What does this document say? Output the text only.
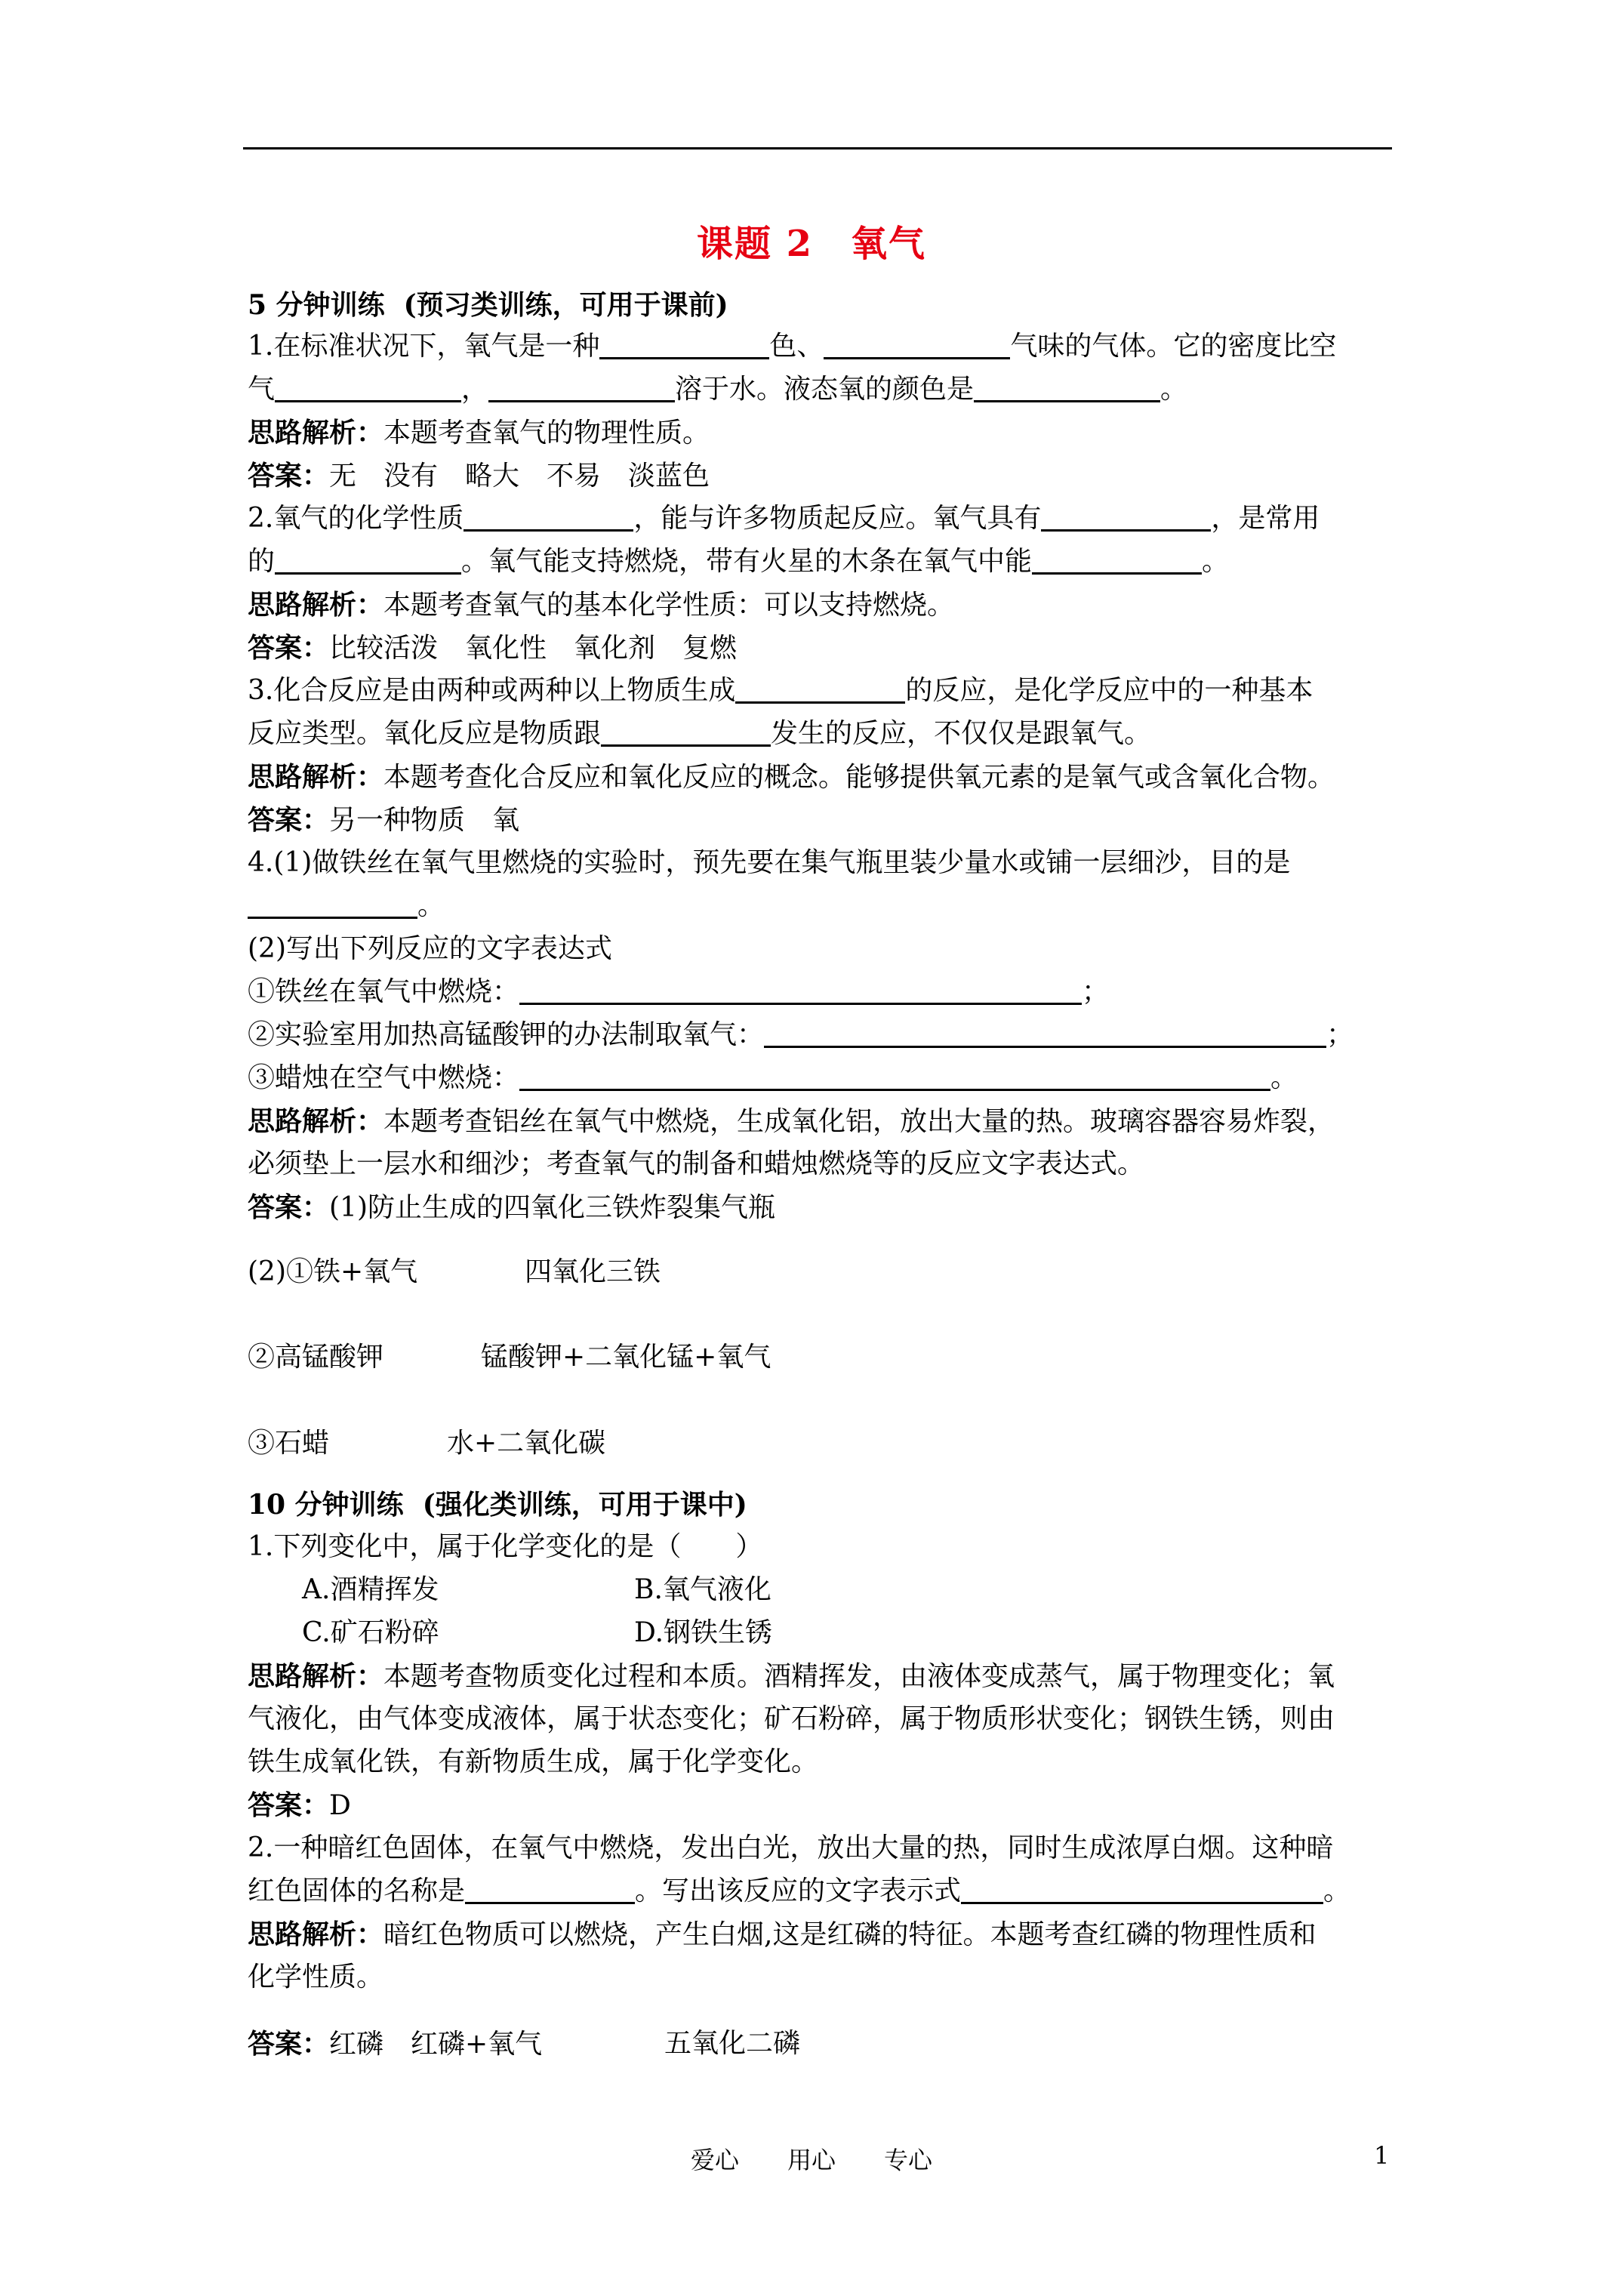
课题 2　氧气
5 分钟训练  (预习类训练，可用于课前)
1.在标准状况下，氧气是一种	色、	气味的气体。它的密度比空
气	，	溶于水。液态氧的颜色是	。
思路解析：本题考查氧气的物理性质。
答案：无　没有　略大　不易　淡蓝色
2.氧气的化学性质	，能与许多物质起反应。氧气具有	，是常用
的	。氧气能支持燃烧，带有火星的木条在氧气中能	。
思路解析：本题考查氧气的基本化学性质：可以支持燃烧。
答案：比较活泼　氧化性　氧化剂　复燃
3.化合反应是由两种或两种以上物质生成	的反应，是化学反应中的一种基本
反应类型。氧化反应是物质跟	发生的反应，不仅仅是跟氧气。
思路解析：本题考查化合反应和氧化反应的概念。能够提供氧元素的是氧气或含氧化合物。
答案：另一种物质　氧
4.(1)做铁丝在氧气里燃烧的实验时，预先要在集气瓶里装少量水或铺一层细沙，目的是
。
(2)写出下列反应的文字表达式
①铁丝在氧气中燃烧：	；
②实验室用加热高锰酸钾的办法制取氧气：	；
③蜡烛在空气中燃烧：	。
思路解析：本题考查铝丝在氧气中燃烧，生成氧化铝，放出大量的热。玻璃容器容易炸裂，
必须垫上一层水和细沙；考查氧气的制备和蜡烛燃烧等的反应文字表达式。
答案：(1)防止生成的四氧化三铁炸裂集气瓶
(2)①铁+氧气	四氧化三铁
②高锰酸钾	锰酸钾+二氧化锰+氧气
③石蜡	水+二氧化碳
10 分钟训练  (强化类训练，可用于课中)
1.下列变化中，属于化学变化的是（　　）
A.酒精挥发	B.氧气液化
C.矿石粉碎	D.钢铁生锈
思路解析：本题考查物质变化过程和本质。酒精挥发，由液体变成蒸气，属于物理变化；氧
气液化，由气体变成液体，属于状态变化；矿石粉碎，属于物质形状变化；钢铁生锈，则由
铁生成氧化铁，有新物质生成，属于化学变化。
答案：D
2.一种暗红色固体，在氧气中燃烧，发出白光，放出大量的热，同时生成浓厚白烟。这种暗
红色固体的名称是	。写出该反应的文字表示式	。
思路解析：暗红色物质可以燃烧，产生白烟,这是红磷的特征。本题考查红磷的物理性质和
化学性质。
答案：红磷　红磷+氧气	五氧化二磷
爱心　　用心　　专心	1
